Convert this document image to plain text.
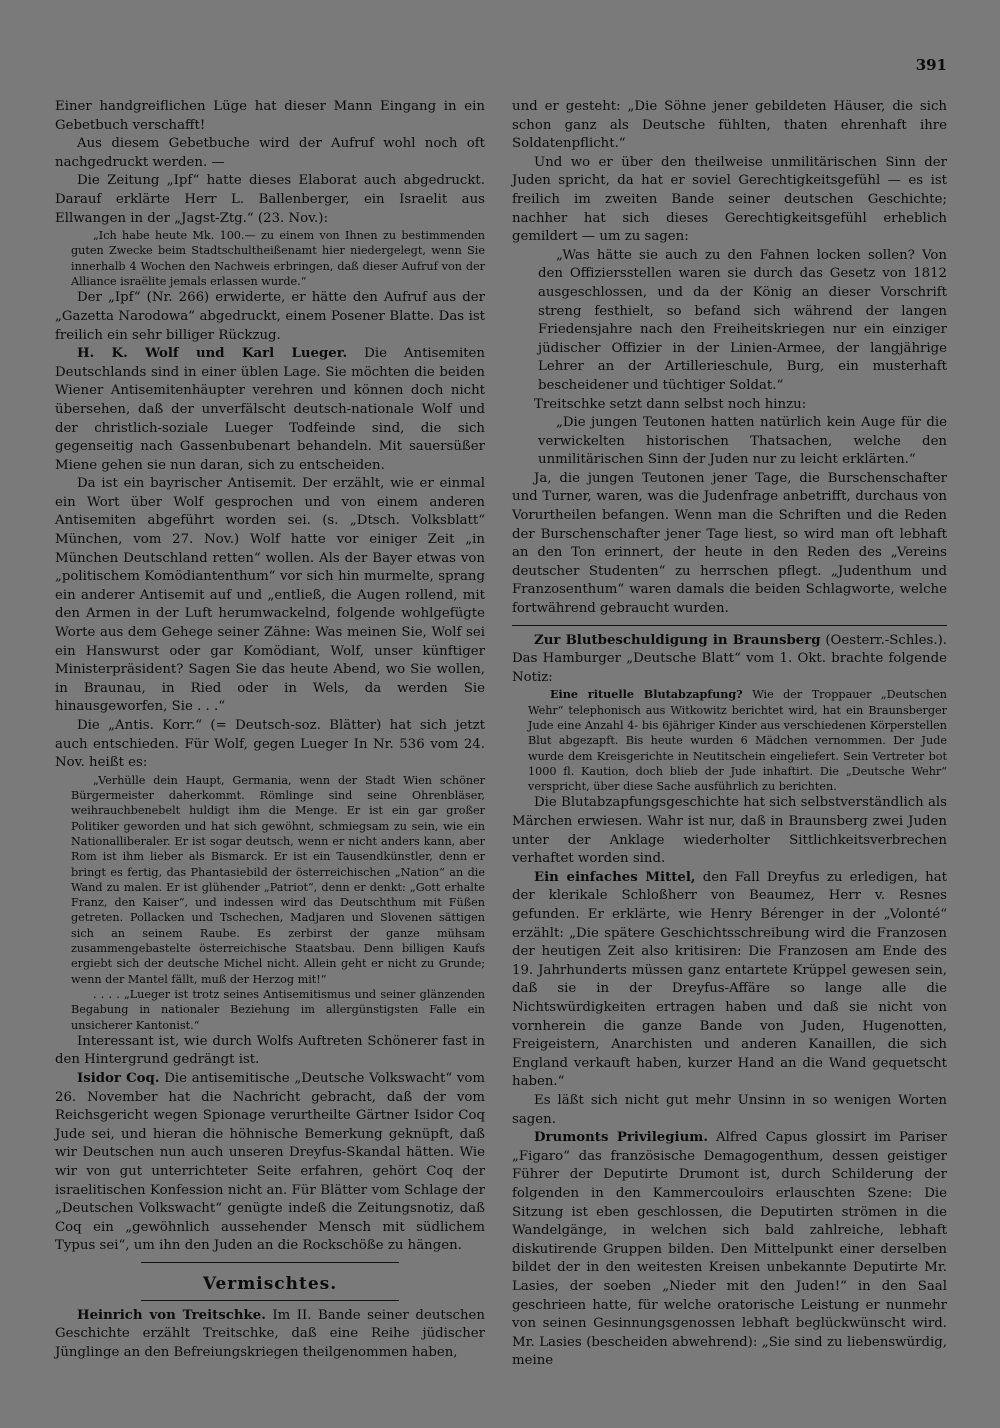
391

Einer handgreiflichen Lüge hat dieser Mann Eingang in ein Gebetbuch verschafft!

Aus diesem Gebetbuche wird der Aufruf wohl noch oft nachgedruckt werden. —

Die Zeitung „Ipf“ hatte dieses Elaborat auch abgedruckt. Darauf erklärte Herr L. Ballenberger, ein Israelit aus Ellwangen in der „Jagst-Ztg.“ (23. Nov.):

„Ich habe heute Mk. 100.— zu einem von Ihnen zu bestimmenden guten Zwecke beim Stadtschultheißenamt hier niedergelegt, wenn Sie innerhalb 4 Wochen den Nachweis erbringen, daß dieser Aufruf von der Alliance israëlite jemals erlassen wurde.“

Der „Ipf“ (Nr. 266) erwiderte, er hätte den Aufruf aus der „Gazetta Narodowa“ abgedruckt, einem Posener Blatte. Das ist freilich ein sehr billiger Rückzug.

H. K. Wolf und Karl Lueger. Die Antisemiten Deutschlands sind in einer üblen Lage. Sie möchten die beiden Wiener Antisemitenhäupter verehren und können doch nicht übersehen, daß der unverfälscht deutsch-nationale Wolf und der christlich-soziale Lueger Todfeinde sind, die sich gegenseitig nach Gassenbubenart behandeln. Mit sauersüßer Miene gehen sie nun daran, sich zu entscheiden.

Da ist ein bayrischer Antisemit. Der erzählt, wie er einmal ein Wort über Wolf gesprochen und von einem anderen Antisemiten abgeführt worden sei. (s. „Dtsch. Volksblatt“ München, vom 27. Nov.) Wolf hatte vor einiger Zeit „in München Deutschland retten“ wollen. Als der Bayer etwas von „politischem Komödiantenthum“ vor sich hin murmelte, sprang ein anderer Antisemit auf und „entließ, die Augen rollend, mit den Armen in der Luft herumwackelnd, folgende wohlgefügte Worte aus dem Gehege seiner Zähne: Was meinen Sie, Wolf sei ein Hanswurst oder gar Komödiant, Wolf, unser künftiger Ministerpräsident? Sagen Sie das heute Abend, wo Sie wollen, in Braunau, in Ried oder in Wels, da werden Sie hinausgeworfen, Sie . . .“

Die „Antis. Korr.“ (= Deutsch-soz. Blätter) hat sich jetzt auch entschieden. Für Wolf, gegen Lueger In Nr. 536 vom 24. Nov. heißt es:

„Verhülle dein Haupt, Germania, wenn der Stadt Wien schöner Bürgermeister daherkommt. Römlinge sind seine Ohrenbläser, weihrauchbenebelt huldigt ihm die Menge. Er ist ein gar großer Politiker geworden und hat sich gewöhnt, schmiegsam zu sein, wie ein Nationalliberaler. Er ist sogar deutsch, wenn er nicht anders kann, aber Rom ist ihm lieber als Bismarck. Er ist ein Tausendkünstler, denn er bringt es fertig, das Phantasiebild der österreichischen „Nation“ an die Wand zu malen. Er ist glühender „Patriot“, denn er denkt: „Gott erhalte Franz, den Kaiser“, und indessen wird das Deutschthum mit Füßen getreten. Pollacken und Tschechen, Madjaren und Slovenen sättigen sich an seinem Raube. Es zerbirst der ganze mühsam zusammengebastelte österreichische Staatsbau. Denn billigen Kaufs ergiebt sich der deutsche Michel nicht. Allein geht er nicht zu Grunde; wenn der Mantel fällt, muß der Herzog mit!“

. . . . „Lueger ist trotz seines Antisemitismus und seiner glänzenden Begabung in nationaler Beziehung im allergünstigsten Falle ein unsicherer Kantonist.“

Interessant ist, wie durch Wolfs Auftreten Schönerer fast in den Hintergrund gedrängt ist.

Isidor Coq. Die antisemitische „Deutsche Volkswacht“ vom 26. November hat die Nachricht gebracht, daß der vom Reichsgericht wegen Spionage verurtheilte Gärtner Isidor Coq Jude sei, und hieran die höhnische Bemerkung geknüpft, daß wir Deutschen nun auch unseren Dreyfus-Skandal hätten. Wie wir von gut unterrichteter Seite erfahren, gehört Coq der israelitischen Konfession nicht an. Für Blätter vom Schlage der „Deutschen Volkswacht“ genügte indeß die Zeitungsnotiz, daß Coq ein „gewöhnlich aussehender Mensch mit südlichem Typus sei“, um ihn den Juden an die Rockschöße zu hängen.

Vermischtes.

Heinrich von Treitschke. Im II. Bande seiner deutschen Geschichte erzählt Treitschke, daß eine Reihe jüdischer Jünglinge an den Befreiungskriegen theilgenommen haben,

und er gesteht: „Die Söhne jener gebildeten Häuser, die sich schon ganz als Deutsche fühlten, thaten ehrenhaft ihre Soldatenpflicht.“

Und wo er über den theilweise unmilitärischen Sinn der Juden spricht, da hat er soviel Gerechtigkeitsgefühl — es ist freilich im zweiten Bande seiner deutschen Geschichte; nachher hat sich dieses Gerechtigkeitsgefühl erheblich gemildert — um zu sagen:

„Was hätte sie auch zu den Fahnen locken sollen? Von den Offiziersstellen waren sie durch das Gesetz von 1812 ausgeschlossen, und da der König an dieser Vorschrift streng festhielt, so befand sich während der langen Friedensjahre nach den Freiheitskriegen nur ein einziger jüdischer Offizier in der Linien-Armee, der langjährige Lehrer an der Artillerieschule, Burg, ein musterhaft bescheidener und tüchtiger Soldat.“

Treitschke setzt dann selbst noch hinzu:

„Die jungen Teutonen hatten natürlich kein Auge für die verwickelten historischen Thatsachen, welche den unmilitärischen Sinn der Juden nur zu leicht erklärten.“

Ja, die jungen Teutonen jener Tage, die Burschenschafter und Turner, waren, was die Judenfrage anbetrifft, durchaus von Vorurtheilen befangen. Wenn man die Schriften und die Reden der Burschenschafter jener Tage liest, so wird man oft lebhaft an den Ton erinnert, der heute in den Reden des „Vereins deutscher Studenten“ zu herrschen pflegt. „Judenthum und Franzosenthum“ waren damals die beiden Schlagworte, welche fortwährend gebraucht wurden.

Zur Blutbeschuldigung in Braunsberg (Oesterr.-Schles.). Das Hamburger „Deutsche Blatt“ vom 1. Okt. brachte folgende Notiz:

Eine rituelle Blutabzapfung? Wie der Troppauer „Deutschen Wehr“ telephonisch aus Witkowitz berichtet wird, hat ein Braunsberger Jude eine Anzahl 4- bis 6jähriger Kinder aus verschiedenen Körperstellen Blut abgezapft. Bis heute wurden 6 Mädchen vernommen. Der Jude wurde dem Kreisgerichte in Neutitschein eingeliefert. Sein Vertreter bot 1000 fl. Kaution, doch blieb der Jude inhaftirt. Die „Deutsche Wehr“ verspricht, über diese Sache ausführlich zu berichten.

Die Blutabzapfungsgeschichte hat sich selbstverständlich als Märchen erwiesen. Wahr ist nur, daß in Braunsberg zwei Juden unter der Anklage wiederholter Sittlichkeitsverbrechen verhaftet worden sind.

Ein einfaches Mittel, den Fall Dreyfus zu erledigen, hat der klerikale Schloßherr von Beaumez, Herr v. Resnes gefunden. Er erklärte, wie Henry Bérenger in der „Volonté“ erzählt: „Die spätere Geschichtsschreibung wird die Franzosen der heutigen Zeit also kritisiren: Die Franzosen am Ende des 19. Jahrhunderts müssen ganz entartete Krüppel gewesen sein, daß sie in der Dreyfus-Affäre so lange alle die Nichtswürdigkeiten ertragen haben und daß sie nicht von vornherein die ganze Bande von Juden, Hugenotten, Freigeistern, Anarchisten und anderen Kanaillen, die sich England verkauft haben, kurzer Hand an die Wand gequetscht haben.“

Es läßt sich nicht gut mehr Unsinn in so wenigen Worten sagen.

Drumonts Privilegium. Alfred Capus glossirt im Pariser „Figaro“ das französische Demagogenthum, dessen geistiger Führer der Deputirte Drumont ist, durch Schilderung der folgenden in den Kammercouloirs erlauschten Szene: Die Sitzung ist eben geschlossen, die Deputirten strömen in die Wandelgänge, in welchen sich bald zahlreiche, lebhaft diskutirende Gruppen bilden. Den Mittelpunkt einer derselben bildet der in den weitesten Kreisen unbekannte Deputirte Mr. Lasies, der soeben „Nieder mit den Juden!“ in den Saal geschrieen hatte, für welche oratorische Leistung er nunmehr von seinen Gesinnungsgenossen lebhaft beglückwünscht wird. Mr. Lasies (bescheiden abwehrend): „Sie sind zu liebenswürdig, meine
